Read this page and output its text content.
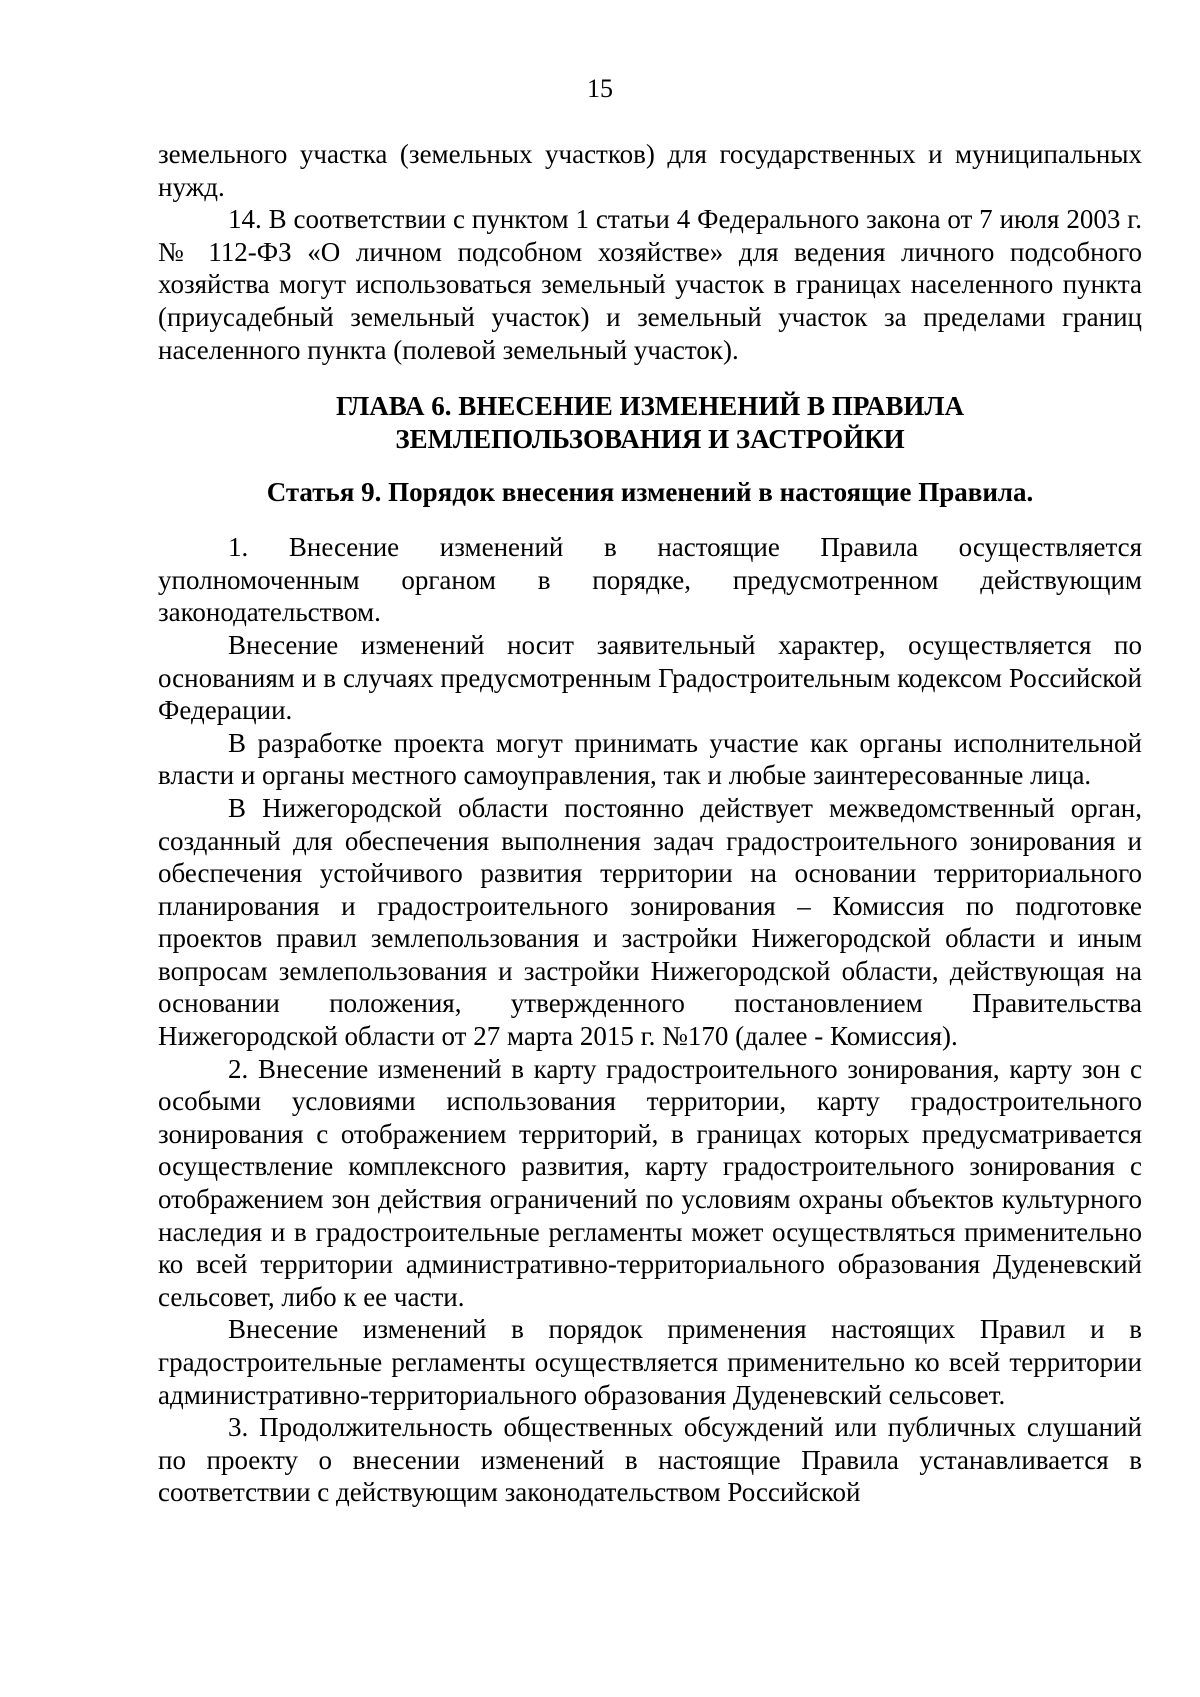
15

земельного участка (земельных участков) для государственных и муниципальных нужд.

14. В соответствии с пунктом 1 статьи 4 Федерального закона от 7 июля 2003 г. № 112-ФЗ «О личном подсобном хозяйстве» для ведения личного подсобного хозяйства могут использоваться земельный участок в границах населенного пункта (приусадебный земельный участок) и земельный участок за пределами границ населенного пункта (полевой земельный участок).

ГЛАВА 6. ВНЕСЕНИЕ ИЗМЕНЕНИЙ В ПРАВИЛА
ЗЕМЛЕПОЛЬЗОВАНИЯ И ЗАСТРОЙКИ
Статья 9. Порядок внесения изменений в настоящие Правила.

1. Внесение изменений в настоящие Правила осуществляется уполномоченным органом в порядке, предусмотренном действующим законодательством.

Внесение изменений носит заявительный характер, осуществляется по основаниям и в случаях предусмотренным Градостроительным кодексом Российской Федерации.

В разработке проекта могут принимать участие как органы исполнительной власти и органы местного самоуправления, так и любые заинтересованные лица.

В Нижегородской области постоянно действует межведомственный орган, созданный для обеспечения выполнения задач градостроительного зонирования и обеспечения устойчивого развития территории на основании территориального планирования и градостроительного зонирования – Комиссия по подготовке проектов правил землепользования и застройки Нижегородской области и иным вопросам землепользования и застройки Нижегородской области, действующая на основании положения, утвержденного постановлением Правительства Нижегородской области от 27 марта 2015 г. №170 (далее - Комиссия).

2. Внесение изменений в карту градостроительного зонирования, карту зон с особыми условиями использования территории, карту градостроительного зонирования с отображением территорий, в границах которых предусматривается осуществление комплексного развития, карту градостроительного зонирования с отображением зон действия ограничений по условиям охраны объектов культурного наследия и в градостроительные регламенты может осуществляться применительно ко всей территории административно-территориального образования Дуденевский сельсовет, либо к ее части.

Внесение изменений в порядок применения настоящих Правил и в градостроительные регламенты осуществляется применительно ко всей территории административно-территориального образования Дуденевский сельсовет.

3. Продолжительность общественных обсуждений или публичных слушаний по проекту о внесении изменений в настоящие Правила устанавливается в соответствии с действующим законодательством Российской
